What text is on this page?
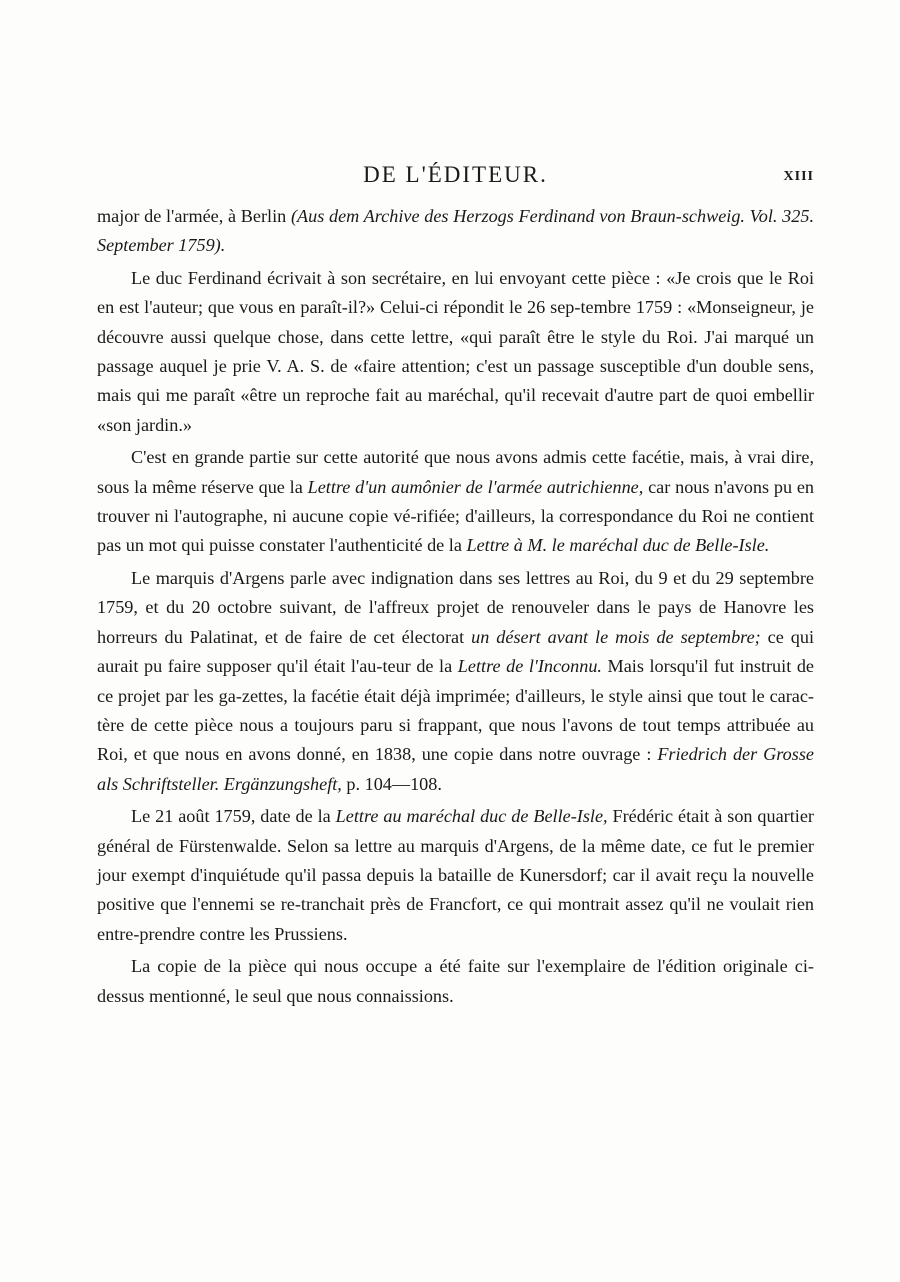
DE L'ÉDITEUR.	XIII

major de l'armée, à Berlin (Aus dem Archive des Herzogs Ferdinand von Braun-schweig. Vol. 325. September 1759).

Le duc Ferdinand écrivait à son secrétaire, en lui envoyant cette pièce : «Je crois que le Roi en est l'auteur; que vous en paraît-il?» Celui-ci répondit le 26 sep-tembre 1759 : «Monseigneur, je découvre aussi quelque chose, dans cette lettre, «qui paraît être le style du Roi. J'ai marqué un passage auquel je prie V. A. S. de «faire attention; c'est un passage susceptible d'un double sens, mais qui me paraît «être un reproche fait au maréchal, qu'il recevait d'autre part de quoi embellir «son jardin.»

C'est en grande partie sur cette autorité que nous avons admis cette facétie, mais, à vrai dire, sous la même réserve que la Lettre d'un aumônier de l'armée autrichienne, car nous n'avons pu en trouver ni l'autographe, ni aucune copie vé-rifiée; d'ailleurs, la correspondance du Roi ne contient pas un mot qui puisse constater l'authenticité de la Lettre à M. le maréchal duc de Belle-Isle.

Le marquis d'Argens parle avec indignation dans ses lettres au Roi, du 9 et du 29 septembre 1759, et du 20 octobre suivant, de l'affreux projet de renouveler dans le pays de Hanovre les horreurs du Palatinat, et de faire de cet électorat un désert avant le mois de septembre; ce qui aurait pu faire supposer qu'il était l'au-teur de la Lettre de l'Inconnu. Mais lorsqu'il fut instruit de ce projet par les ga-zettes, la facétie était déjà imprimée; d'ailleurs, le style ainsi que tout le carac-tère de cette pièce nous a toujours paru si frappant, que nous l'avons de tout temps attribuée au Roi, et que nous en avons donné, en 1838, une copie dans notre ouvrage : Friedrich der Grosse als Schriftsteller. Ergänzungsheft, p. 104—108.

Le 21 août 1759, date de la Lettre au maréchal duc de Belle-Isle, Frédéric était à son quartier général de Fürstenwalde. Selon sa lettre au marquis d'Argens, de la même date, ce fut le premier jour exempt d'inquiétude qu'il passa depuis la bataille de Kunersdorf; car il avait reçu la nouvelle positive que l'ennemi se re-tranchait près de Francfort, ce qui montrait assez qu'il ne voulait rien entre-prendre contre les Prussiens.

La copie de la pièce qui nous occupe a été faite sur l'exemplaire de l'édition originale ci-dessus mentionné, le seul que nous connaissions.
